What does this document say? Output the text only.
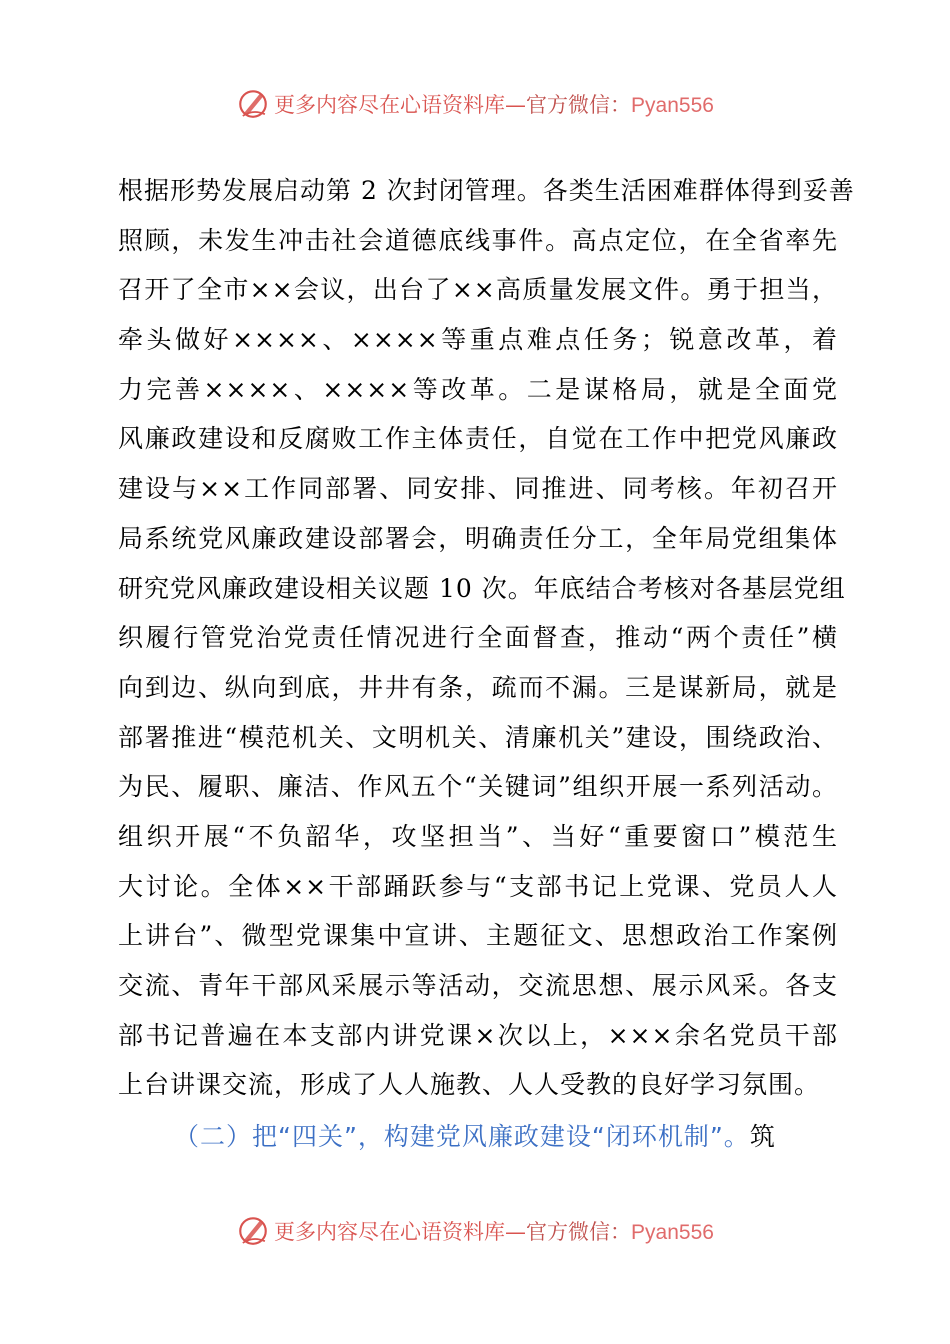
更多内容尽在心语资料库—官方微信：Pyan556
根据形势发展启动第 2 次封闭管理。各类生活困难群体得到妥善
照顾，未发生冲击社会道德底线事件。高点定位，在全省率先
召开了全市××会议，出台了××高质量发展文件。勇于担当，
牵头做好××××、××××等重点难点任务；锐意改革，着
力完善××××、××××等改革。二是谋格局，就是全面党
风廉政建设和反腐败工作主体责任，自觉在工作中把党风廉政
建设与××工作同部署、同安排、同推进、同考核。年初召开
局系统党风廉政建设部署会，明确责任分工，全年局党组集体
研究党风廉政建设相关议题 10 次。年底结合考核对各基层党组
织履行管党治党责任情况进行全面督查，推动“两个责任”横
向到边、纵向到底，井井有条，疏而不漏。三是谋新局，就是
部署推进“模范机关、文明机关、清廉机关”建设，围绕政治、
为民、履职、廉洁、作风五个“关键词”组织开展一系列活动。
组织开展“不负韶华，攻坚担当”、当好“重要窗口”模范生
大讨论。全体××干部踊跃参与“支部书记上党课、党员人人
上讲台”、微型党课集中宣讲、主题征文、思想政治工作案例
交流、青年干部风采展示等活动，交流思想、展示风采。各支
部书记普遍在本支部内讲党课×次以上，×××余名党员干部
上台讲课交流，形成了人人施教、人人受教的良好学习氛围。
（二）把“四关”，构建党风廉政建设“闭环机制”。筑
更多内容尽在心语资料库—官方微信：Pyan556
